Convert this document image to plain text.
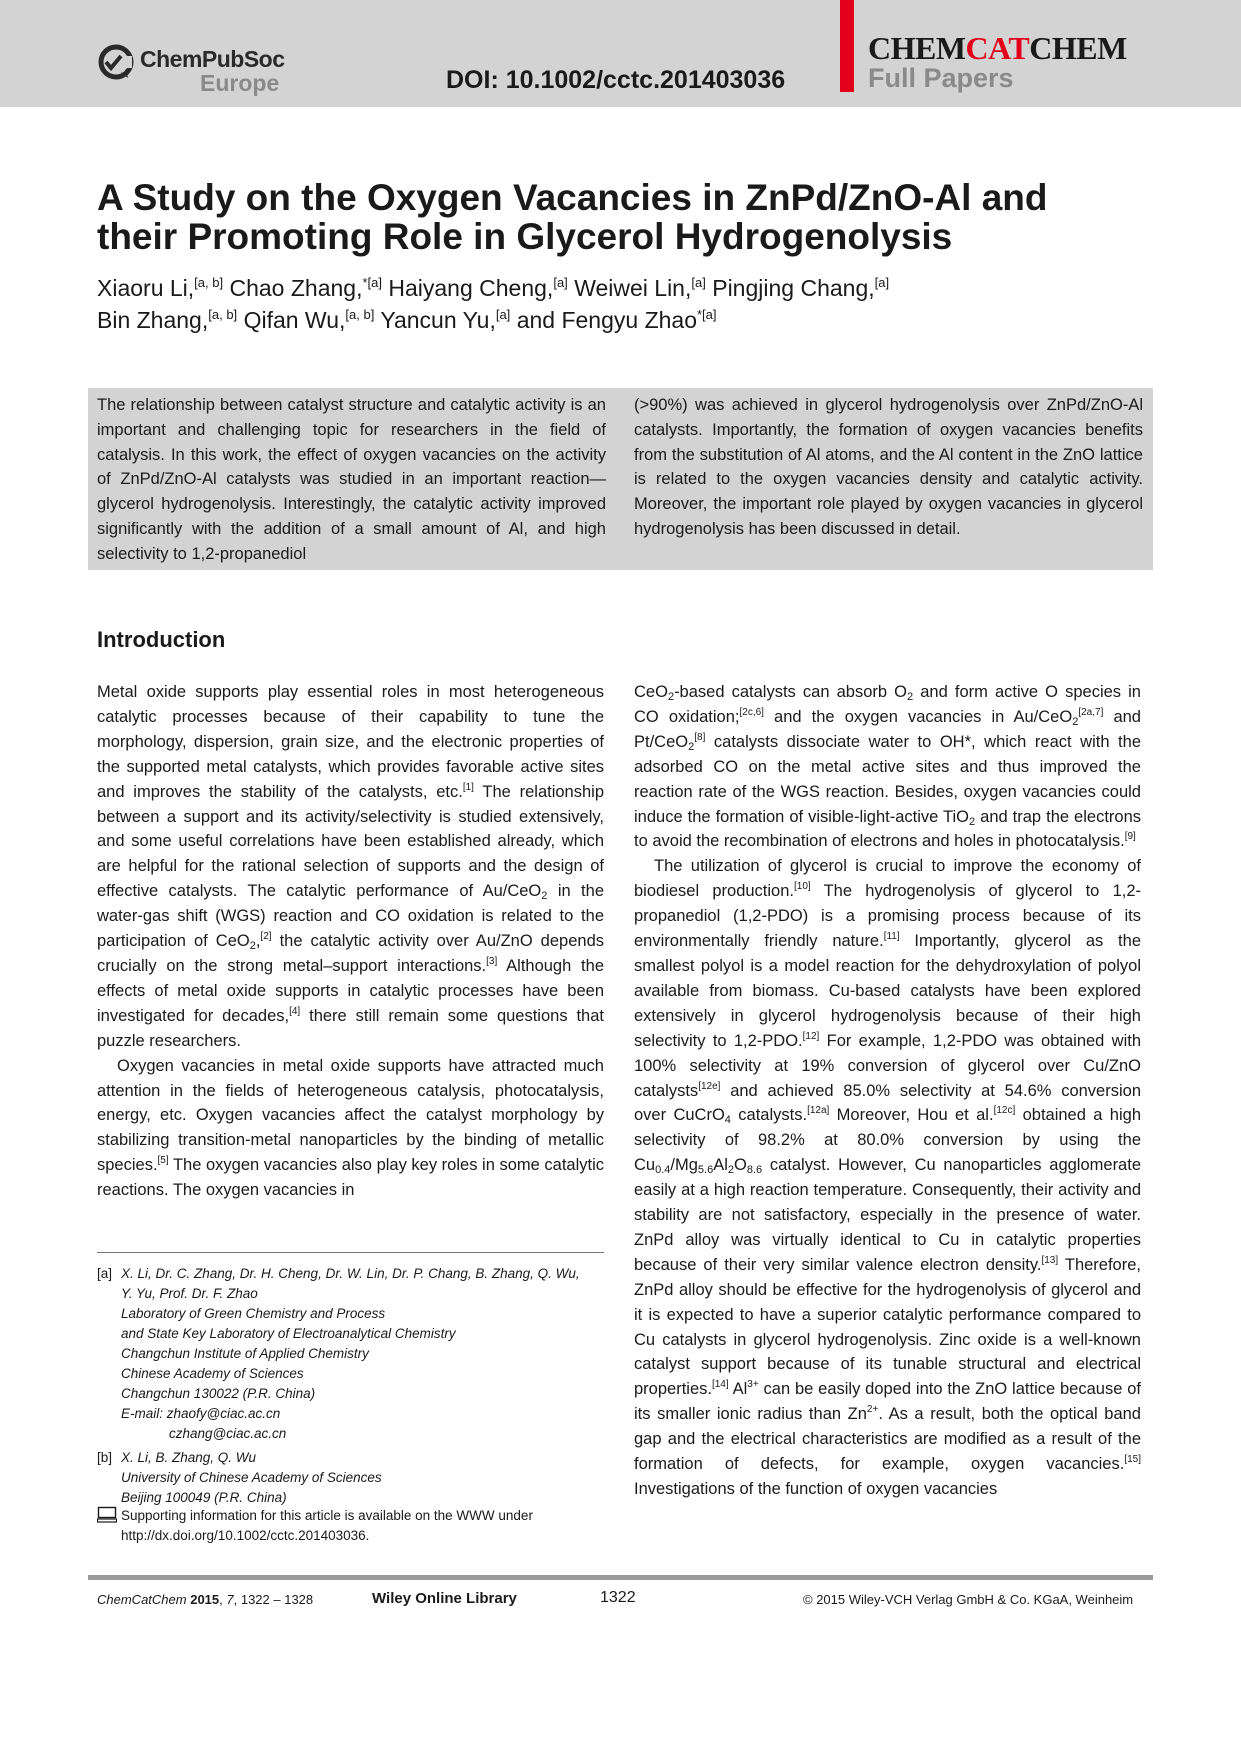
★
ChemPubSoc
Europe	DOI: 10.1002/cctc.201403036
CHEMCATCHEM
Full Papers
A Study on the Oxygen Vacancies in ZnPd/ZnO-Al and
their Promoting Role in Glycerol Hydrogenolysis
Xiaoru Li,[a, b] Chao Zhang,$^{*[a]}$ Haiyang Cheng,[a] Weiwei Lin,[a] Pingjing Chang,[a]
Bin Zhang,[a, b] Qifan Wu,[a, b] Yancun Yu,[a] and Fengyu Zhao$^{*[a]}$
The relationship between catalyst structure and catalytic activity is an important and challenging topic for researchers in the field of catalysis. In this work, the effect of oxygen vacancies on the activity of ZnPd/ZnO-Al catalysts was studied in an important reaction—glycerol hydrogenolysis. Interestingly, the catalytic activity improved significantly with the addition of a small amount of Al, and high selectivity to 1,2-propanediol
(>90%) was achieved in glycerol hydrogenolysis over ZnPd/ZnO-Al catalysts. Importantly, the formation of oxygen vacancies benefits from the substitution of Al atoms, and the Al content in the ZnO lattice is related to the oxygen vacancies density and catalytic activity. Moreover, the important role played by oxygen vacancies in glycerol hydrogenolysis has been discussed in detail.
Introduction

Metal oxide supports play essential roles in most heterogeneous catalytic processes because of their capability to tune the morphology, dispersion, grain size, and the electronic properties of the supported metal catalysts, which provides favorable active sites and improves the stability of the catalysts, etc.[1] The relationship between a support and its activity/selectivity is studied extensively, and some useful correlations have been established already, which are helpful for the rational selection of supports and the design of effective catalysts. The catalytic performance of Au/CeO$_2$ in the water-gas shift (WGS) reaction and CO oxidation is related to the participation of CeO$_2$,[2] the catalytic activity over Au/ZnO depends crucially on the strong metal–support interactions.[3] Although the effects of metal oxide supports in catalytic processes have been investigated for decades,[4] there still remain some questions that puzzle researchers.

Oxygen vacancies in metal oxide supports have attracted much attention in the fields of heterogeneous catalysis, photocatalysis, energy, etc. Oxygen vacancies affect the catalyst morphology by stabilizing transition-metal nanoparticles by the binding of metallic species.[5] The oxygen vacancies also play key roles in some catalytic reactions. The oxygen vacancies in

CeO$_2$-based catalysts can absorb $O_2$ and form active O species in CO oxidation;[2c,6] and the oxygen vacancies in Au/CeO$_2$[2a,7] and Pt/CeO$_2$[8] catalysts dissociate water to OH*, which react with the adsorbed CO on the metal active sites and thus improved the reaction rate of the WGS reaction. Besides, oxygen vacancies could induce the formation of visible-light-active TiO$_2$ and trap the electrons to avoid the recombination of electrons and holes in photocatalysis.[9]

The utilization of glycerol is crucial to improve the economy of biodiesel production.[10] The hydrogenolysis of glycerol to 1,2-propanediol (1,2-PDO) is a promising process because of its environmentally friendly nature.[11] Importantly, glycerol as the smallest polyol is a model reaction for the dehydroxylation of polyol available from biomass. Cu-based catalysts have been explored extensively in glycerol hydrogenolysis because of their high selectivity to 1,2-PDO.[12] For example, 1,2-PDO was obtained with 100% selectivity at 19% conversion of glycerol over Cu/ZnO catalysts[12e] and achieved 85.0% selectivity at 54.6% conversion over CuCrO$_4$ catalysts.[12a] Moreover, Hou et al.[12c] obtained a high selectivity of 98.2% at 80.0% conversion by using the $Cu_{0.4}/Mg_{5.6}Al_2O_{8.6}$ catalyst. However, Cu nanoparticles agglomerate easily at a high reaction temperature. Consequently, their activity and stability are not satisfactory, especially in the presence of water. ZnPd alloy was virtually identical to Cu in catalytic properties because of their very similar valence electron density.[13] Therefore, ZnPd alloy should be effective for the hydrogenolysis of glycerol and it is expected to have a superior catalytic performance compared to Cu catalysts in glycerol hydrogenolysis. Zinc oxide is a well-known catalyst support because of its tunable structural and electrical properties.[14] Al$^{3+}$ can be easily doped into the ZnO lattice because of its smaller ionic radius than Zn$^{2+}$. As a result, both the optical band gap and the electrical characteristics are modified as a result of the formation of defects, for example, oxygen vacancies.[15] Investigations of the function of oxygen vacancies

[a] X. Li, Dr. C. Zhang, Dr. H. Cheng, Dr. W. Lin, Dr. P. Chang, B. Zhang, Q. Wu,
Y. Yu, Prof. Dr. F. Zhao
Laboratory of Green Chemistry and Process
and State Key Laboratory of Electroanalytical Chemistry
Changchun Institute of Applied Chemistry
Chinese Academy of Sciences
Changchun 130022 (P.R. China)
E-mail: zhaofy@ciac.ac.cn
czhang@ciac.ac.cn
[b] X. Li, B. Zhang, Q. Wu
University of Chinese Academy of Sciences
Beijing 100049 (P.R. China)
Supporting information for this article is available on the WWW under
http://dx.doi.org/10.1002/cctc.201403036.
ChemCatChem 2015, 7, 1322 – 1328	Wiley Online Library	1322	© 2015 Wiley-VCH Verlag GmbH & Co. KGaA, Weinheim
